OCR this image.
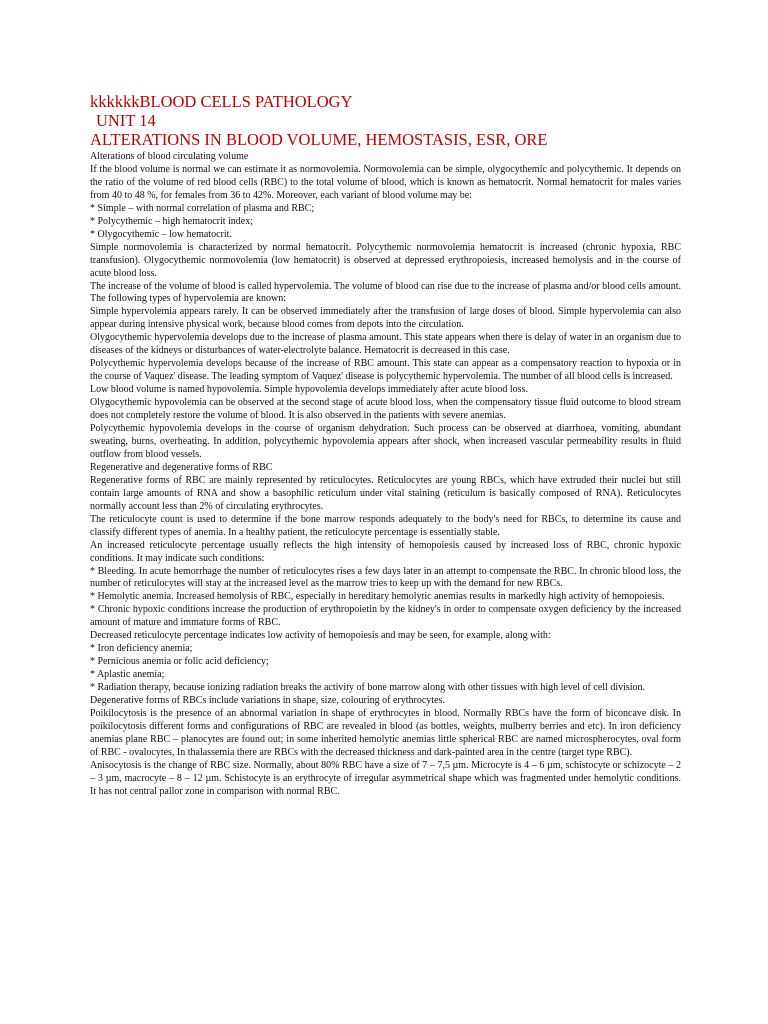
kkkkkkBLOOD CELLS PATHOLOGY
UNIT 14
ALTERATIONS IN BLOOD VOLUME, HEMOSTASIS, ESR, ORE

Alterations of blood circulating volume

If the blood volume is normal we can estimate it as normovolemia. Normovolemia can be simple, olygocythemic and polycythemic. It depends on the ratio of the volume of red blood cells (RBC) to the total volume of blood, which is known as hematocrit. Normal hematocrit for males varies from 40 to 48 %, for females from 36 to 42%. Moreover, each variant of blood volume may be:

* Simple – with normal correlation of plasma and RBC;

* Polycythemic – high hematocrit index;

* Olygocythemic – low hematocrit.

Simple normovolemia is characterized by normal hematocrit. Polycythemic normovolemia hematocrit is increased (chronic hypoxia, RBC transfusion). Olygocythemic normovolemia (low hematocrit) is observed at depressed erythropoiesis, increased hemolysis and in the course of acute blood loss.

The increase of the volume of blood is called hypervolemia. The volume of blood can rise due to the increase of plasma and/or blood cells amount. The following types of hypervolemia are known:

Simple hypervolemia appears rarely. It can be observed immediately after the transfusion of large doses of blood. Simple hypervolemia can also appear during intensive physical work, because blood comes from depots into the circulation.

Olygocythemic hypervolemia develops due to the increase of plasma amount. This state appears when there is delay of water in an organism due to diseases of the kidneys or disturbances of water-electrolyte balance. Hematocrit is decreased in this case.

Polycythemic hypervolemia develops because of the increase of RBC amount. This state can appear as a compensatory reaction to hypoxia or in the course of Vaquez' disease. The leading symptom of Vaquez' disease is polycythemic hypervolemia. The number of all blood cells is increased.

Low blood volume is named hypovolemia. Simple hypovolemia develops immediately after acute blood loss.

Olygocythemic hypovolemia can be observed at the second stage of acute blood loss, when the compensatory tissue fluid outcome to blood stream does not completely restore the volume of blood. It is also observed in the patients with severe anemias.

Polycythemic hypovolemia develops in the course of organism dehydration. Such process can be observed at diarrhoea, vomiting, abundant sweating, burns, overheating. In addition, polycythemic hypovolemia appears after shock, when increased vascular permeability results in fluid outflow from blood vessels.

Regenerative and degenerative forms of RBC

Regenerative forms of RBC are mainly represented by reticulocytes. Reticulocytes are young RBCs, which have extruded their nuclei but still contain large amounts of RNA and show a basophilic reticulum under vital staining (reticulum is basically composed of RNA). Reticulocytes normally account less than 2% of circulating erythrocytes.

The reticulocyte count is used to determine if the bone marrow responds adequately to the body's need for RBCs, to determine its cause and classify different types of anemia. In a healthy patient, the reticulocyte percentage is essentially stable.

An increased reticulocyte percentage usually reflects the high intensity of hemopoiesis caused by increased loss of RBC, chronic hypoxic conditions. It may indicate such conditions:

* Bleeding. In acute hemorrhage the number of reticulocytes rises a few days later in an attempt to compensate the RBC. In chronic blood loss, the number of reticulocytes will stay at the increased level as the marrow tries to keep up with the demand for new RBCs.

* Hemolytic anemia. Increased hemolysis of RBC, especially in hereditary hemolytic anemias results in markedly high activity of hemopoiesis.

* Chronic hypoxic conditions increase the production of erythropoietin by the kidney's in order to compensate oxygen deficiency by the increased amount of mature and immature forms of RBC.

Decreased reticulocyte percentage indicates low activity of hemopoiesis and may be seen, for example, along with:

* Iron deficiency anemia;

* Pernicious anemia or folic acid deficiency;

* Aplastic anemia;

* Radiation therapy, because ionizing radiation breaks the activity of bone marrow along with other tissues with high level of cell division.

Degenerative forms of RBCs include variations in shape, size, colouring of erythrocytes.

Poikilocytosis is the presence of an abnormal variation in shape of erythrocytes in blood. Normally RBCs have the form of biconcave disk. In poikilocytosis different forms and configurations of RBC are revealed in blood (as bottles, weights, mulberry berries and etc). In iron deficiency anemias plane RBC – planocytes are found out; in some inherited hemolytic anemias little spherical RBC are named microspherocytes, oval form of RBC - ovalocytes, In thalassemia there are RBCs with the decreased thickness and dark-painted area in the centre (target type RBC).

Anisocytosis is the change of RBC size. Normally, about 80% RBC have a size of 7 – 7,5 µm. Microcyte is 4 – 6 µm, schistocyte or schizocyte – 2 – 3 µm, macrocyte – 8 – 12 µm. Schistocyte is an erythrocyte of irregular asymmetrical shape which was fragmented under hemolytic conditions. It has not central pallor zone in comparison with normal RBC.
